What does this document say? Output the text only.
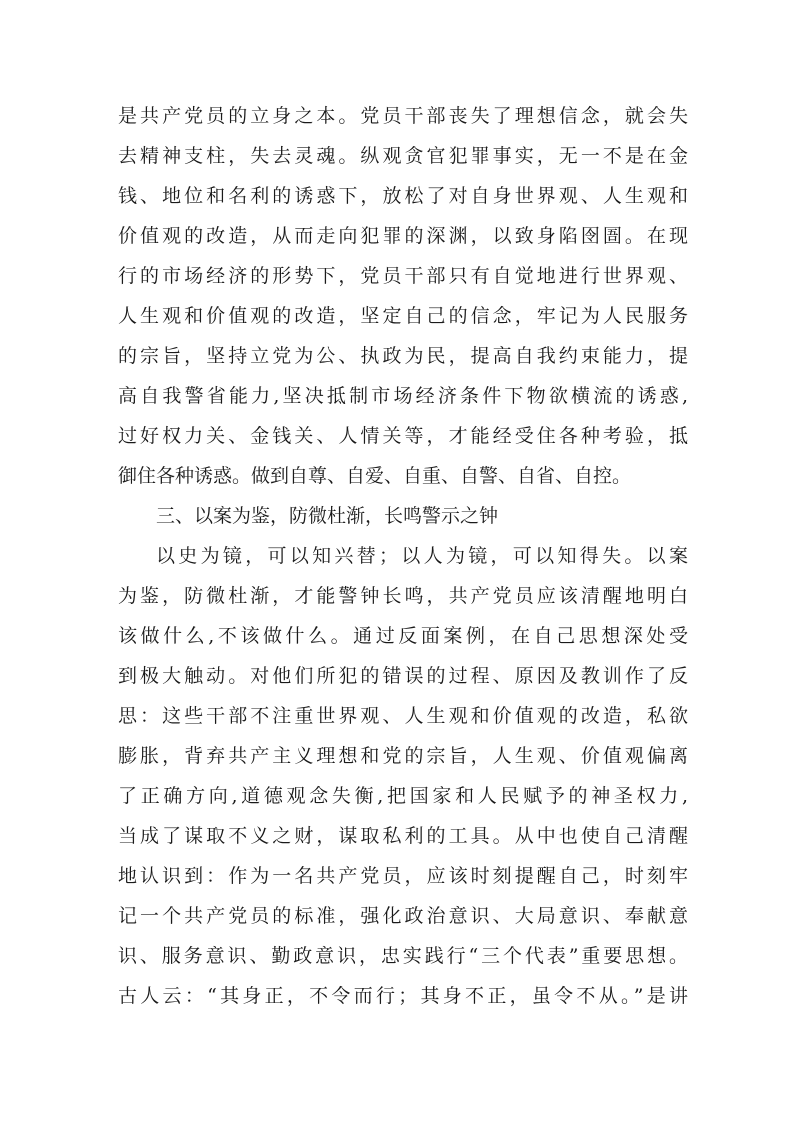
是共产党员的立身之本。党员干部丧失了理想信念，就会失
去精神支柱，失去灵魂。纵观贪官犯罪事实，无一不是在金
钱、地位和名利的诱惑下，放松了对自身世界观、人生观和
价值观的改造，从而走向犯罪的深渊，以致身陷囹圄。在现
行的市场经济的形势下，党员干部只有自觉地进行世界观、
人生观和价值观的改造，坚定自己的信念，牢记为人民服务
的宗旨，坚持立党为公、执政为民，提高自我约束能力，提
高自我警省能力,坚决抵制市场经济条件下物欲横流的诱惑,
过好权力关、金钱关、人情关等，才能经受住各种考验，抵
御住各种诱惑。做到自尊、自爱、自重、自警、自省、自控。
三、以案为鉴，防微杜渐，长鸣警示之钟
以史为镜，可以知兴替；以人为镜，可以知得失。以案
为鉴，防微杜渐，才能警钟长鸣，共产党员应该清醒地明白
该做什么,不该做什么。通过反面案例，在自己思想深处受
到极大触动。对他们所犯的错误的过程、原因及教训作了反
思：这些干部不注重世界观、人生观和价值观的改造，私欲
膨胀，背弃共产主义理想和党的宗旨，人生观、价值观偏离
了正确方向,道德观念失衡,把国家和人民赋予的神圣权力,
当成了谋取不义之财，谋取私利的工具。从中也使自己清醒
地认识到：作为一名共产党员，应该时刻提醒自己，时刻牢
记一个共产党员的标准，强化政治意识、大局意识、奉献意
识、服务意识、勤政意识，忠实践行“三个代表”重要思想。
古人云：“其身正，不令而行；其身不正，虽令不从。”是讲
